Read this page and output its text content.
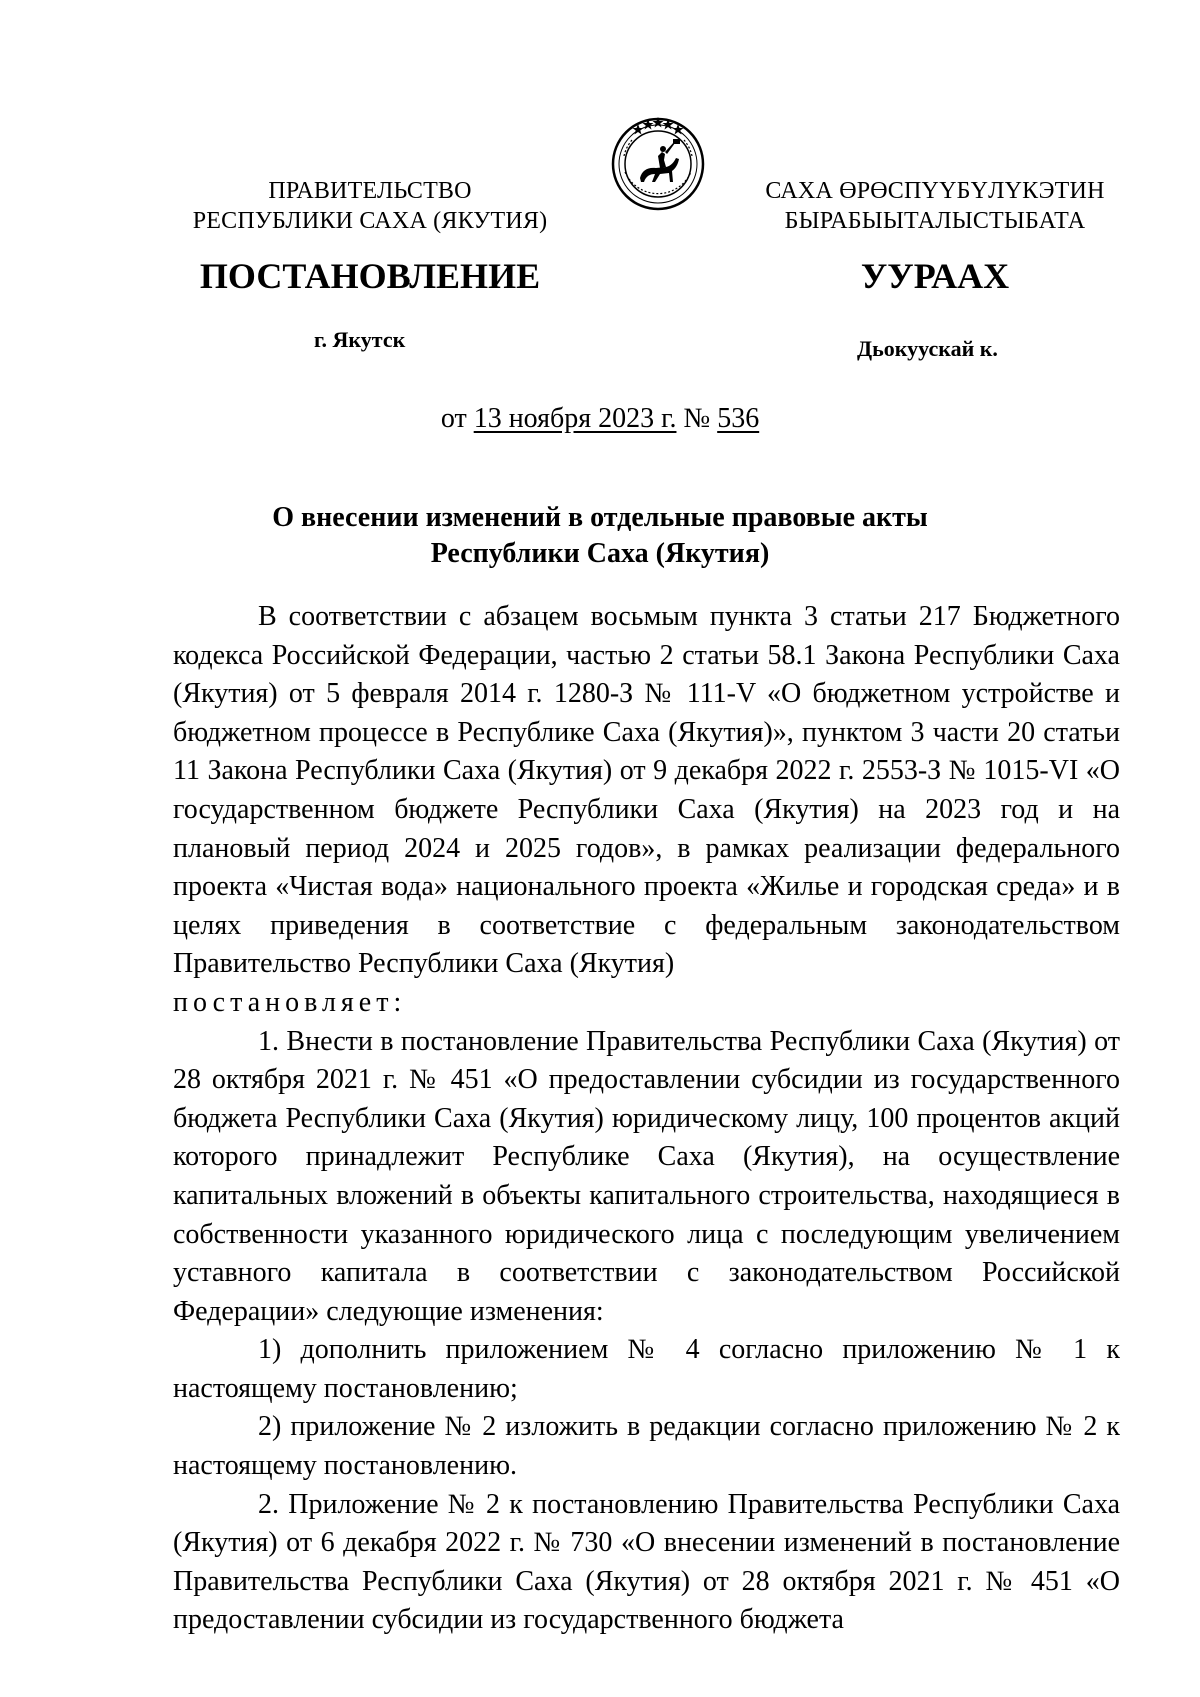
ПРАВИТЕЛЬСТВО
РЕСПУБЛИКИ САХА (ЯКУТИЯ)
САХА ӨРӨСПҮҮБҮЛҮКЭТИН
БЫРАБЫЫТАЛЫСТЫБАТА
ПОСТАНОВЛЕНИЕ	УУРААХ
г. Якутск	Дьокуускай к.
от 13 ноября 2023 г. № 536
О внесении изменений в отдельные правовые акты
Республики Саха (Якутия)

В соответствии с абзацем восьмым пункта 3 статьи 217 Бюджетного кодекса Российской Федерации, частью 2 статьи 58.1 Закона Республики Саха (Якутия) от 5 февраля 2014 г. 1280-З № 111-V «О бюджетном устройстве и бюджетном процессе в Республике Саха (Якутия)», пунктом 3 части 20 статьи 11 Закона Республики Саха (Якутия) от 9 декабря 2022 г. 2553-З № 1015-VI «О государственном бюджете Республики Саха (Якутия) на 2023 год и на плановый период 2024 и 2025 годов», в рамках реализации федерального проекта «Чистая вода» национального проекта «Жилье и городская среда» и в целях приведения в соответствие с федеральным законодательством Правительство Республики Саха (Якутия)

постановляет:

1. Внести в постановление Правительства Республики Саха (Якутия) от 28 октября 2021 г. № 451 «О предоставлении субсидии из государственного бюджета Республики Саха (Якутия) юридическому лицу, 100 процентов акций которого принадлежит Республике Саха (Якутия), на осуществление капитальных вложений в объекты капитального строительства, находящиеся в собственности указанного юридического лица с последующим увеличением уставного капитала в соответствии с законодательством Российской Федерации» следующие изменения:

1) дополнить приложением № 4 согласно приложению № 1 к настоящему постановлению;

2) приложение № 2 изложить в редакции согласно приложению № 2 к настоящему постановлению.

2. Приложение № 2 к постановлению Правительства Республики Саха (Якутия) от 6 декабря 2022 г. № 730 «О внесении изменений в постановление Правительства Республики Саха (Якутия) от 28 октября 2021 г. № 451 «О предоставлении субсидии из государственного бюджета
